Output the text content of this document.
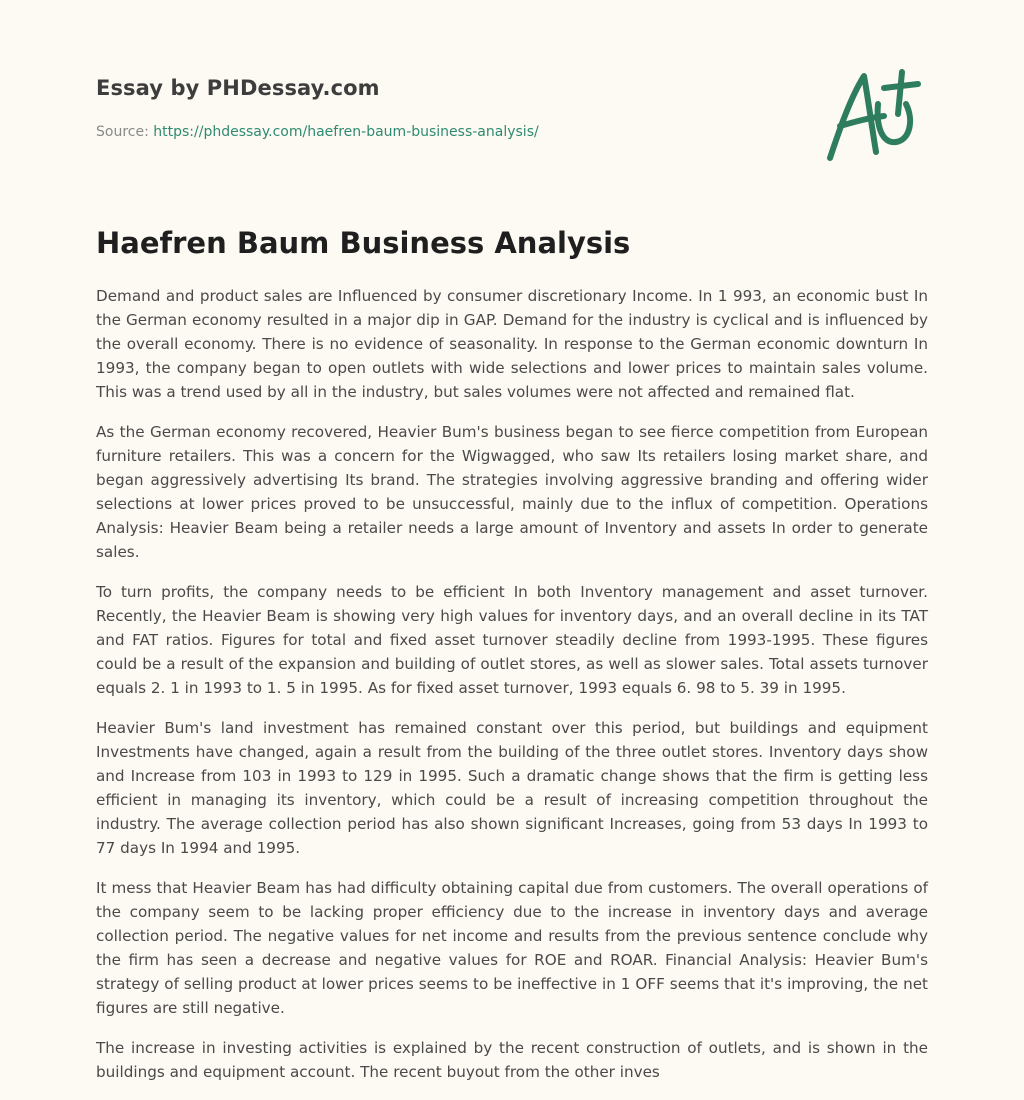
Essay by PHDessay.com
Source: https://phdessay.com/haefren-baum-business-analysis/
Haefren Baum Business Analysis

Demand and product sales are Influenced by consumer discretionary Income. In 1 993, an economic bust In the German economy resulted in a major dip in GAP. Demand for the industry is cyclical and is influenced by the overall economy. There is no evidence of seasonality. In response to the German economic downturn In 1993, the company began to open outlets with wide selections and lower prices to maintain sales volume. This was a trend used by all in the industry, but sales volumes were not affected and remained flat.

As the German economy recovered, Heavier Bum's business began to see fierce competition from European furniture retailers. This was a concern for the Wigwagged, who saw Its retailers losing market share, and began aggressively advertising Its brand. The strategies involving aggressive branding and offering wider selections at lower prices proved to be unsuccessful, mainly due to the influx of competition. Operations Analysis: Heavier Beam being a retailer needs a large amount of Inventory and assets In order to generate sales.

To turn profits, the company needs to be efficient In both Inventory management and asset turnover. Recently, the Heavier Beam is showing very high values for inventory days, and an overall decline in its TAT and FAT ratios. Figures for total and fixed asset turnover steadily decline from 1993-1995. These figures could be a result of the expansion and building of outlet stores, as well as slower sales. Total assets turnover equals 2. 1 in 1993 to 1. 5 in 1995. As for fixed asset turnover, 1993 equals 6. 98 to 5. 39 in 1995.

Heavier Bum's land investment has remained constant over this period, but buildings and equipment Investments have changed, again a result from the building of the three outlet stores. Inventory days show and Increase from 103 in 1993 to 129 in 1995. Such a dramatic change shows that the firm is getting less efficient in managing its inventory, which could be a result of increasing competition throughout the industry. The average collection period has also shown significant Increases, going from 53 days In 1993 to 77 days In 1994 and 1995.

It mess that Heavier Beam has had difficulty obtaining capital due from customers. The overall operations of the company seem to be lacking proper efficiency due to the increase in inventory days and average collection period. The negative values for net income and results from the previous sentence conclude why the firm has seen a decrease and negative values for ROE and ROAR. Financial Analysis: Heavier Bum's strategy of selling product at lower prices seems to be ineffective in 1 OFF seems that it's improving, the net figures are still negative.

The increase in investing activities is explained by the recent construction of outlets, and is shown in the buildings and equipment account. The recent buyout from the other inves
